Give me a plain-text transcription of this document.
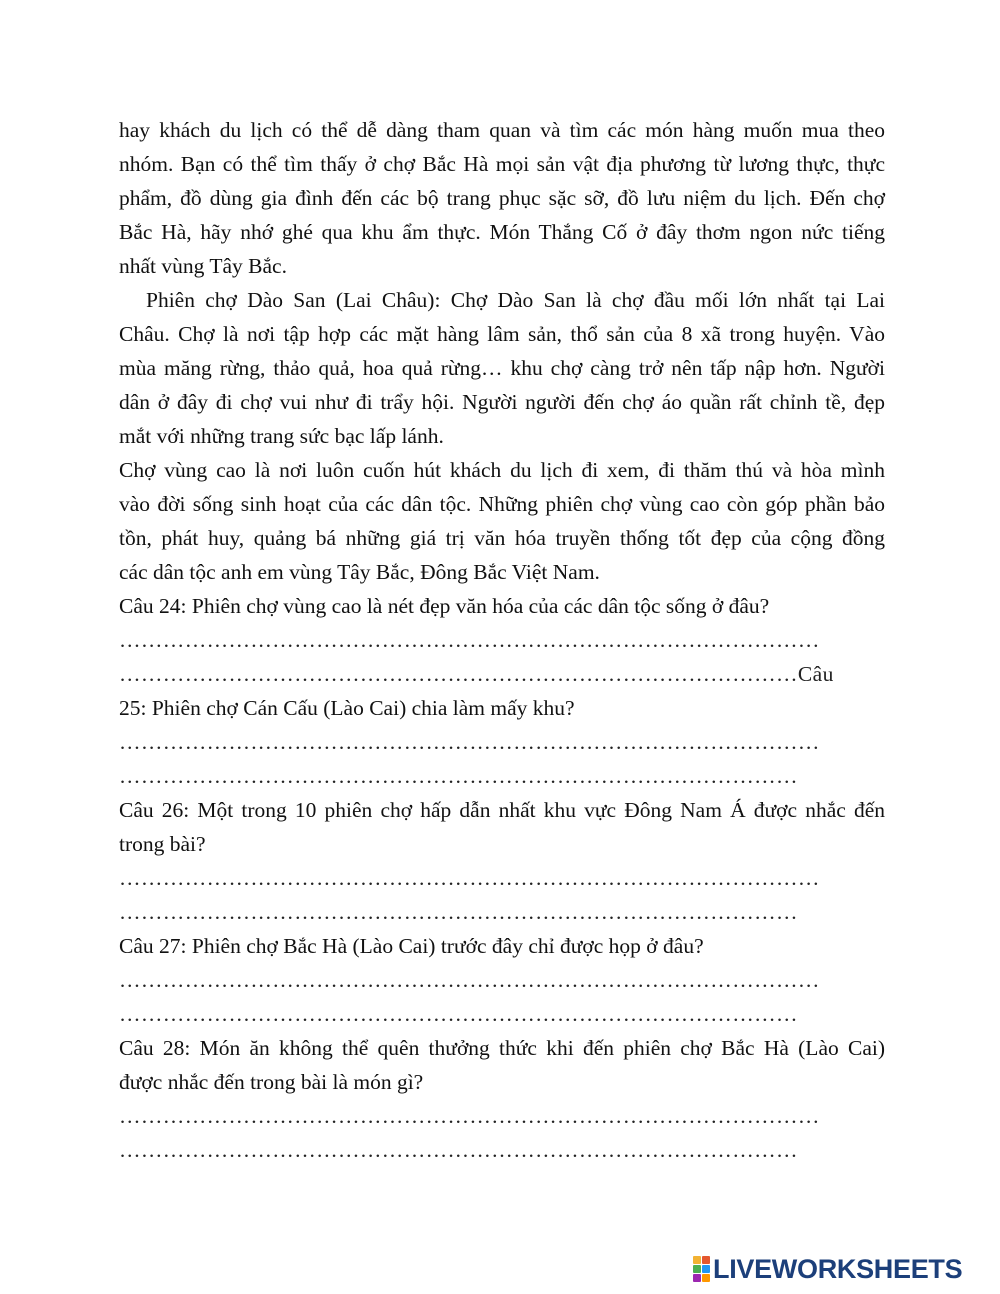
hay khách du lịch có thể dễ dàng tham quan và tìm các món hàng muốn mua theo
nhóm. Bạn có thể tìm thấy ở chợ Bắc Hà mọi sản vật địa phương từ lương thực, thực
phẩm, đồ dùng gia đình đến các bộ trang phục sặc sỡ, đồ lưu niệm du lịch. Đến chợ
Bắc Hà, hãy nhớ ghé qua khu ẩm thực. Món Thắng Cố ở đây thơm ngon nức tiếng
nhất vùng Tây Bắc.
Phiên chợ Dào San (Lai Châu): Chợ Dào San là chợ đầu mối lớn nhất tại Lai
Châu. Chợ là nơi tập hợp các mặt hàng lâm sản, thổ sản của 8 xã trong huyện. Vào
mùa măng rừng, thảo quả, hoa quả rừng… khu chợ càng trở nên tấp nập hơn. Người
dân ở đây đi chợ vui như đi trẩy hội. Người người đến chợ áo quần rất chỉnh tề, đẹp
mắt với những trang sức bạc lấp lánh.
Chợ vùng cao là nơi luôn cuốn hút khách du lịch đi xem, đi thăm thú và hòa mình
vào đời sống sinh hoạt của các dân tộc. Những phiên chợ vùng cao còn góp phần bảo
tồn, phát huy, quảng bá những giá trị văn hóa truyền thống tốt đẹp của cộng đồng
các dân tộc anh em vùng Tây Bắc, Đông Bắc Việt Nam.
Câu 24: Phiên chợ vùng cao là nét đẹp văn hóa của các dân tộc sống ở đâu?
……………………………………………………………………………………
…………………………………………………………………………………Câu
25: Phiên chợ Cán Cấu (Lào Cai) chia làm mấy khu?
……………………………………………………………………………………
…………………………………………………………………………………
Câu 26: Một trong 10 phiên chợ hấp dẫn nhất khu vực Đông Nam Á được nhắc đến
trong bài?
……………………………………………………………………………………
…………………………………………………………………………………
Câu 27: Phiên chợ Bắc Hà (Lào Cai) trước đây chỉ được họp ở đâu?
……………………………………………………………………………………
…………………………………………………………………………………
Câu 28: Món ăn không thể quên thưởng thức khi đến phiên chợ Bắc Hà (Lào Cai)
được nhắc đến trong bài là món gì?
……………………………………………………………………………………
…………………………………………………………………………………
LIVEWORKSHEETS
